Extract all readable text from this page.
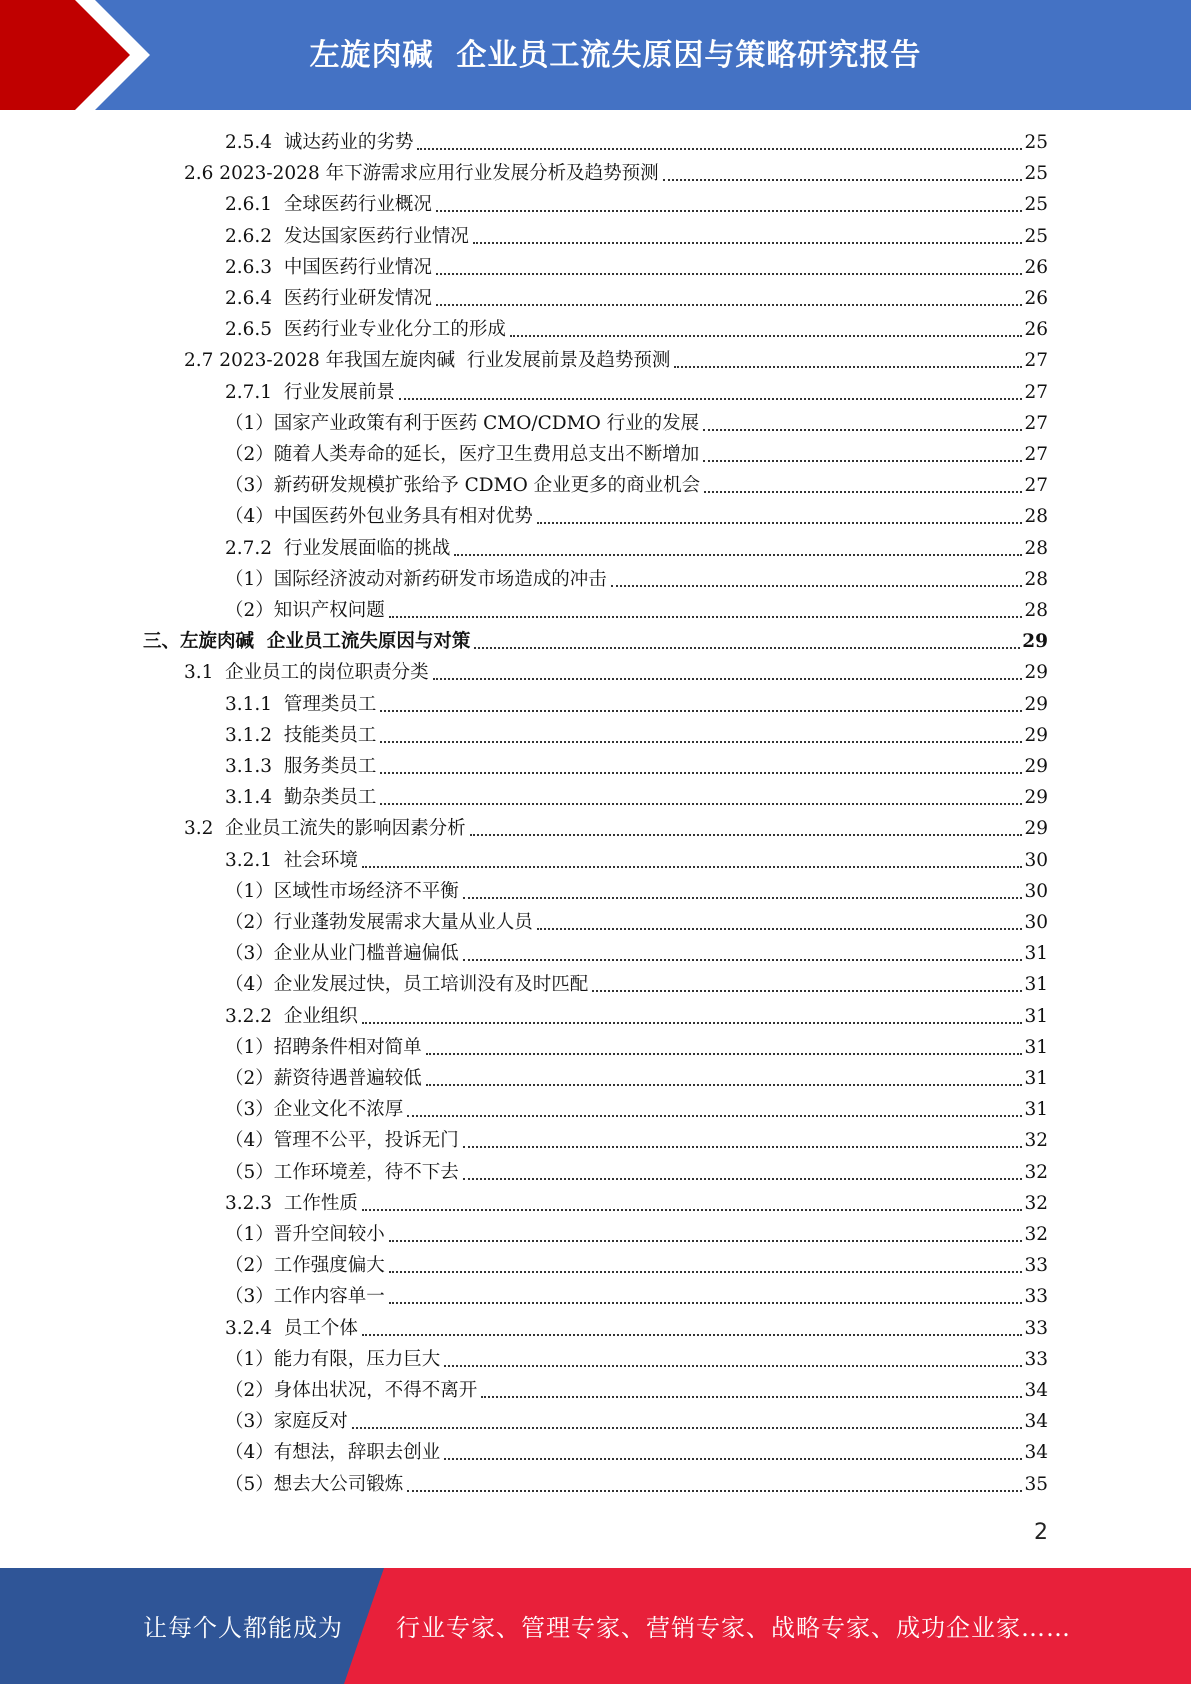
左旋肉碱  企业员工流失原因与策略研究报告
2.5.4  诚达药业的劣势	25
2.6 2023-2028 年下游需求应用行业发展分析及趋势预测	25
2.6.1  全球医药行业概况	25
2.6.2  发达国家医药行业情况	25
2.6.3  中国医药行业情况	26
2.6.4  医药行业研发情况	26
2.6.5  医药行业专业化分工的形成	26
2.7 2023-2028 年我国左旋肉碱  行业发展前景及趋势预测	27
2.7.1  行业发展前景	27
（1）国家产业政策有利于医药 CMO/CDMO 行业的发展	27
（2）随着人类寿命的延长，医疗卫生费用总支出不断增加	27
（3）新药研发规模扩张给予 CDMO 企业更多的商业机会	27
（4）中国医药外包业务具有相对优势	28
2.7.2  行业发展面临的挑战	28
（1）国际经济波动对新药研发市场造成的冲击	28
（2）知识产权问题	28
三、左旋肉碱  企业员工流失原因与对策	29
3.1  企业员工的岗位职责分类	29
3.1.1  管理类员工	29
3.1.2  技能类员工	29
3.1.3  服务类员工	29
3.1.4  勤杂类员工	29
3.2  企业员工流失的影响因素分析	29
3.2.1  社会环境	30
（1）区域性市场经济不平衡	30
（2）行业蓬勃发展需求大量从业人员	30
（3）企业从业门槛普遍偏低	31
（4）企业发展过快，员工培训没有及时匹配	31
3.2.2  企业组织	31
（1）招聘条件相对简单	31
（2）薪资待遇普遍较低	31
（3）企业文化不浓厚	31
（4）管理不公平，投诉无门	32
（5）工作环境差，待不下去	32
3.2.3  工作性质	32
（1）晋升空间较小	32
（2）工作强度偏大	33
（3）工作内容单一	33
3.2.4  员工个体	33
（1）能力有限，压力巨大	33
（2）身体出状况，不得不离开	34
（3）家庭反对	34
（4）有想法，辞职去创业	34
（5）想去大公司锻炼	35
2
让每个人都能成为 行业专家、管理专家、营销专家、战略专家、成功企业家……
